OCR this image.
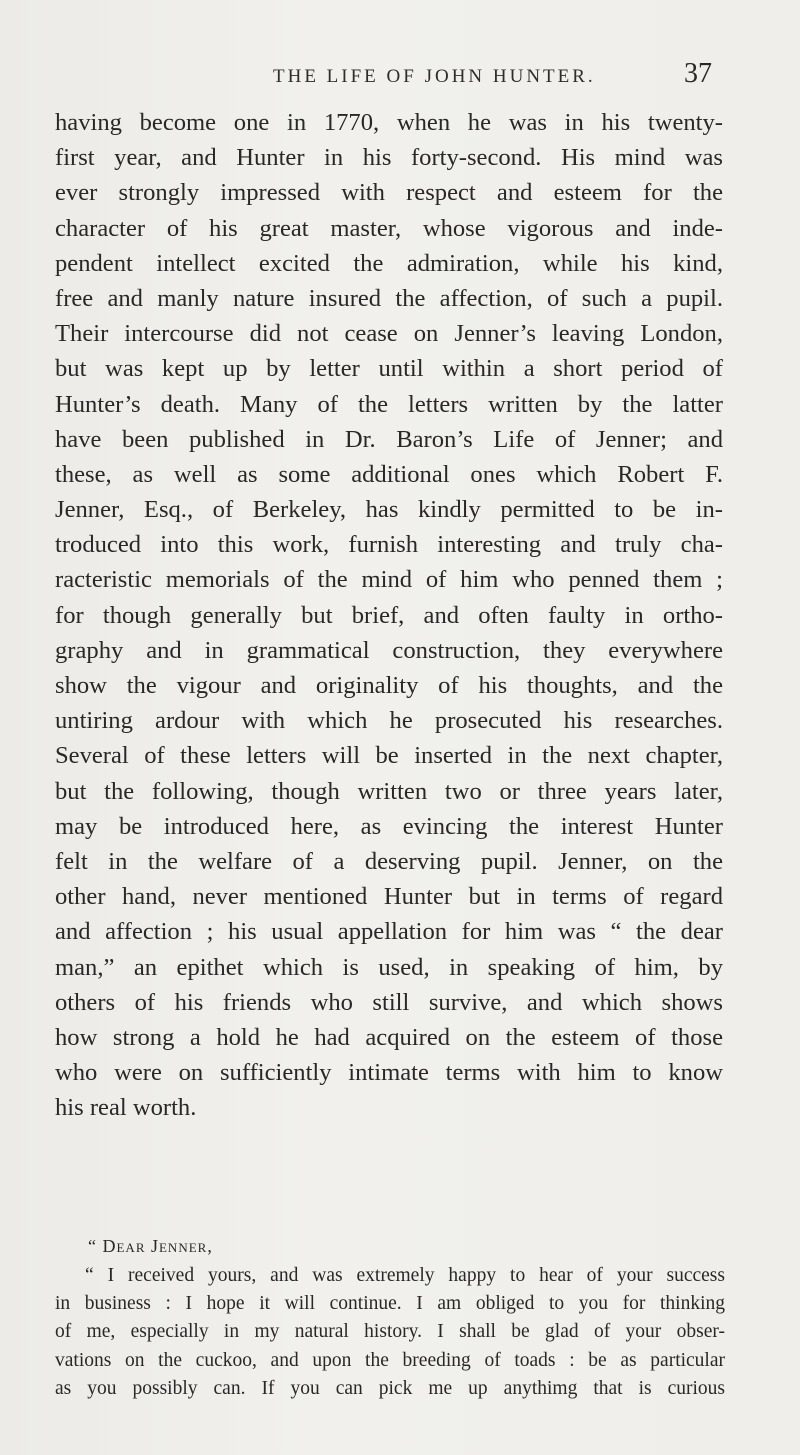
THE LIFE OF JOHN HUNTER.	37
having become one in 1770, when he was in his twenty-
first year, and Hunter in his forty-second. His mind was
ever strongly impressed with respect and esteem for the
character of his great master, whose vigorous and inde-
pendent intellect excited the admiration, while his kind,
free and manly nature insured the affection, of such a pupil.
Their intercourse did not cease on Jenner’s leaving London,
but was kept up by letter until within a short period of
Hunter’s death. Many of the letters written by the latter
have been published in Dr. Baron’s Life of Jenner; and
these, as well as some additional ones which Robert F.
Jenner, Esq., of Berkeley, has kindly permitted to be in-
troduced into this work, furnish interesting and truly cha-
racteristic memorials of the mind of him who penned them ;
for though generally but brief, and often faulty in ortho-
graphy and in grammatical construction, they everywhere
show the vigour and originality of his thoughts, and the
untiring ardour with which he prosecuted his researches.
Several of these letters will be inserted in the next chapter,
but the following, though written two or three years later,
may be introduced here, as evincing the interest Hunter
felt in the welfare of a deserving pupil. Jenner, on the
other hand, never mentioned Hunter but in terms of regard
and affection ; his usual appellation for him was “ the dear
man,” an epithet which is used, in speaking of him, by
others of his friends who still survive, and which shows
how strong a hold he had acquired on the esteem of those
who were on sufficiently intimate terms with him to know
his real worth.
“ Dear Jenner,
“ I received yours, and was extremely happy to hear of your success
in business : I hope it will continue. I am obliged to you for thinking
of me, especially in my natural history. I shall be glad of your obser-
vations on the cuckoo, and upon the breeding of toads : be as particular
as you possibly can. If you can pick me up anythimg that is curious
